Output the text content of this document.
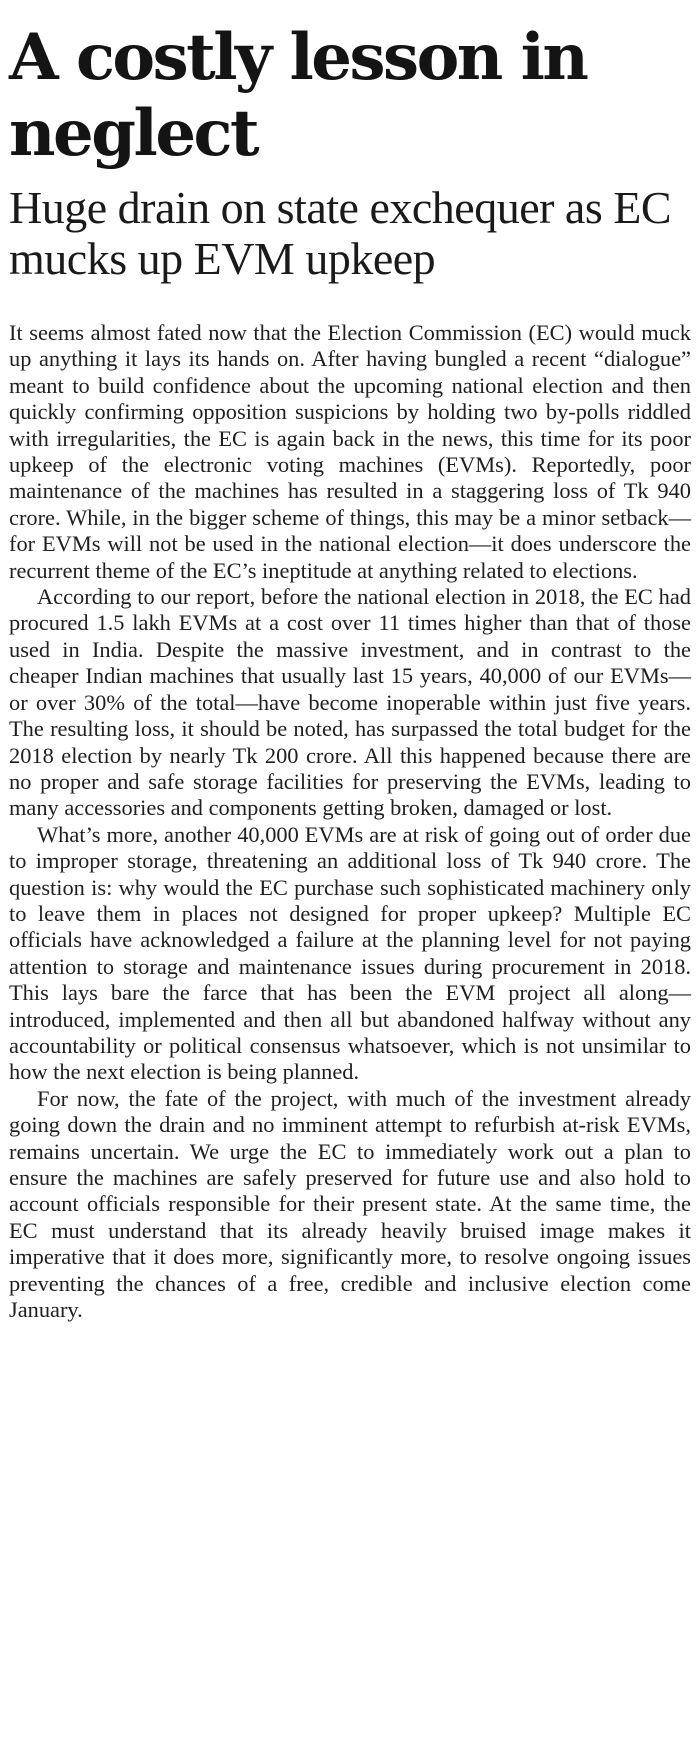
A costly lesson in neglect
Huge drain on state exchequer as EC mucks up EVM upkeep

It seems almost fated now that the Election Commission (EC) would muck up anything it lays its hands on. After having bungled a recent “dialogue” meant to build confidence about the upcoming national election and then quickly confirming opposition suspicions by holding two by-polls riddled with irregularities, the EC is again back in the news, this time for its poor upkeep of the electronic voting machines (EVMs). Reportedly, poor maintenance of the machines has resulted in a staggering loss of Tk 940 crore. While, in the bigger scheme of things, this may be a minor setback—for EVMs will not be used in the national election—it does underscore the recurrent theme of the EC’s ineptitude at anything related to elections.

According to our report, before the national election in 2018, the EC had procured 1.5 lakh EVMs at a cost over 11 times higher than that of those used in India. Despite the massive investment, and in contrast to the cheaper Indian machines that usually last 15 years, 40,000 of our EVMs—or over 30% of the total—have become inoperable within just five years. The resulting loss, it should be noted, has surpassed the total budget for the 2018 election by nearly Tk 200 crore. All this happened because there are no proper and safe storage facilities for preserving the EVMs, leading to many accessories and components getting broken, damaged or lost.

What’s more, another 40,000 EVMs are at risk of going out of order due to improper storage, threatening an additional loss of Tk 940 crore. The question is: why would the EC purchase such sophisticated machinery only to leave them in places not designed for proper upkeep? Multiple EC officials have acknowledged a failure at the planning level for not paying attention to storage and maintenance issues during procurement in 2018. This lays bare the farce that has been the EVM project all along—introduced, implemented and then all but abandoned halfway without any accountability or political consensus whatsoever, which is not unsimilar to how the next election is being planned.

For now, the fate of the project, with much of the investment already going down the drain and no imminent attempt to refurbish at-risk EVMs, remains uncertain. We urge the EC to immediately work out a plan to ensure the machines are safely preserved for future use and also hold to account officials responsible for their present state. At the same time, the EC must understand that its already heavily bruised image makes it imperative that it does more, significantly more, to resolve ongoing issues preventing the chances of a free, credible and inclusive election come January.
